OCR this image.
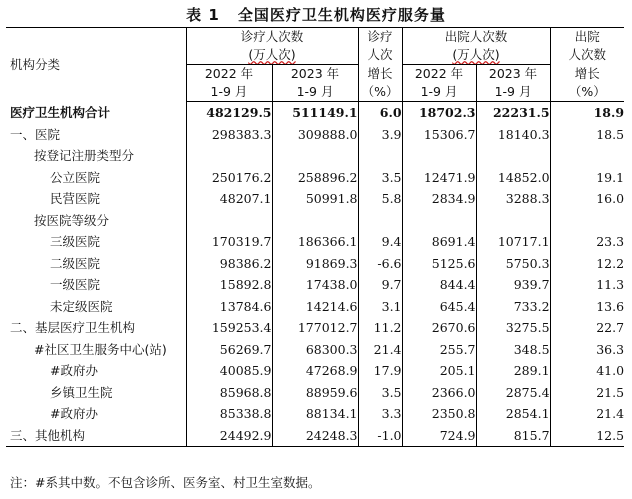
表 1 全国医疗卫生机构医疗服务量
机构分类	诊疗人次数		诊疗	出院人次数		出院
	(万人次)		人次	(万人次)		人次数
	2022 年	2023 年	增长	2022 年	2023 年	增长
	1-9 月	1-9 月	（%）	1-9 月	1-9 月	（%）
医疗卫生机构合计	482129.5	511149.1	6.0	18702.3	22231.5	18.9
一、医院	298383.3	309888.0	3.9	15306.7	18140.3	18.5
按登记注册类型分						
公立医院	250176.2	258896.2	3.5	12471.9	14852.0	19.1
民营医院	48207.1	50991.8	5.8	2834.9	3288.3	16.0
按医院等级分						
三级医院	170319.7	186366.1	9.4	8691.4	10717.1	23.3
二级医院	98386.2	91869.3	-6.6	5125.6	5750.3	12.2
一级医院	15892.8	17438.0	9.7	844.4	939.7	11.3
未定级医院	13784.6	14214.6	3.1	645.4	733.2	13.6
二、基层医疗卫生机构	159253.4	177012.7	11.2	2670.6	3275.5	22.7
#社区卫生服务中心(站)	56269.7	68300.3	21.4	255.7	348.5	36.3
#政府办	40085.9	47268.9	17.9	205.1	289.1	41.0
乡镇卫生院	85968.8	88959.6	3.5	2366.0	2875.4	21.5
#政府办	85338.8	88134.1	3.3	2350.8	2854.1	21.4
三、其他机构	24492.9	24248.3	-1.0	724.9	815.7	12.5
注：#系其中数。不包含诊所、医务室、村卫生室数据。
